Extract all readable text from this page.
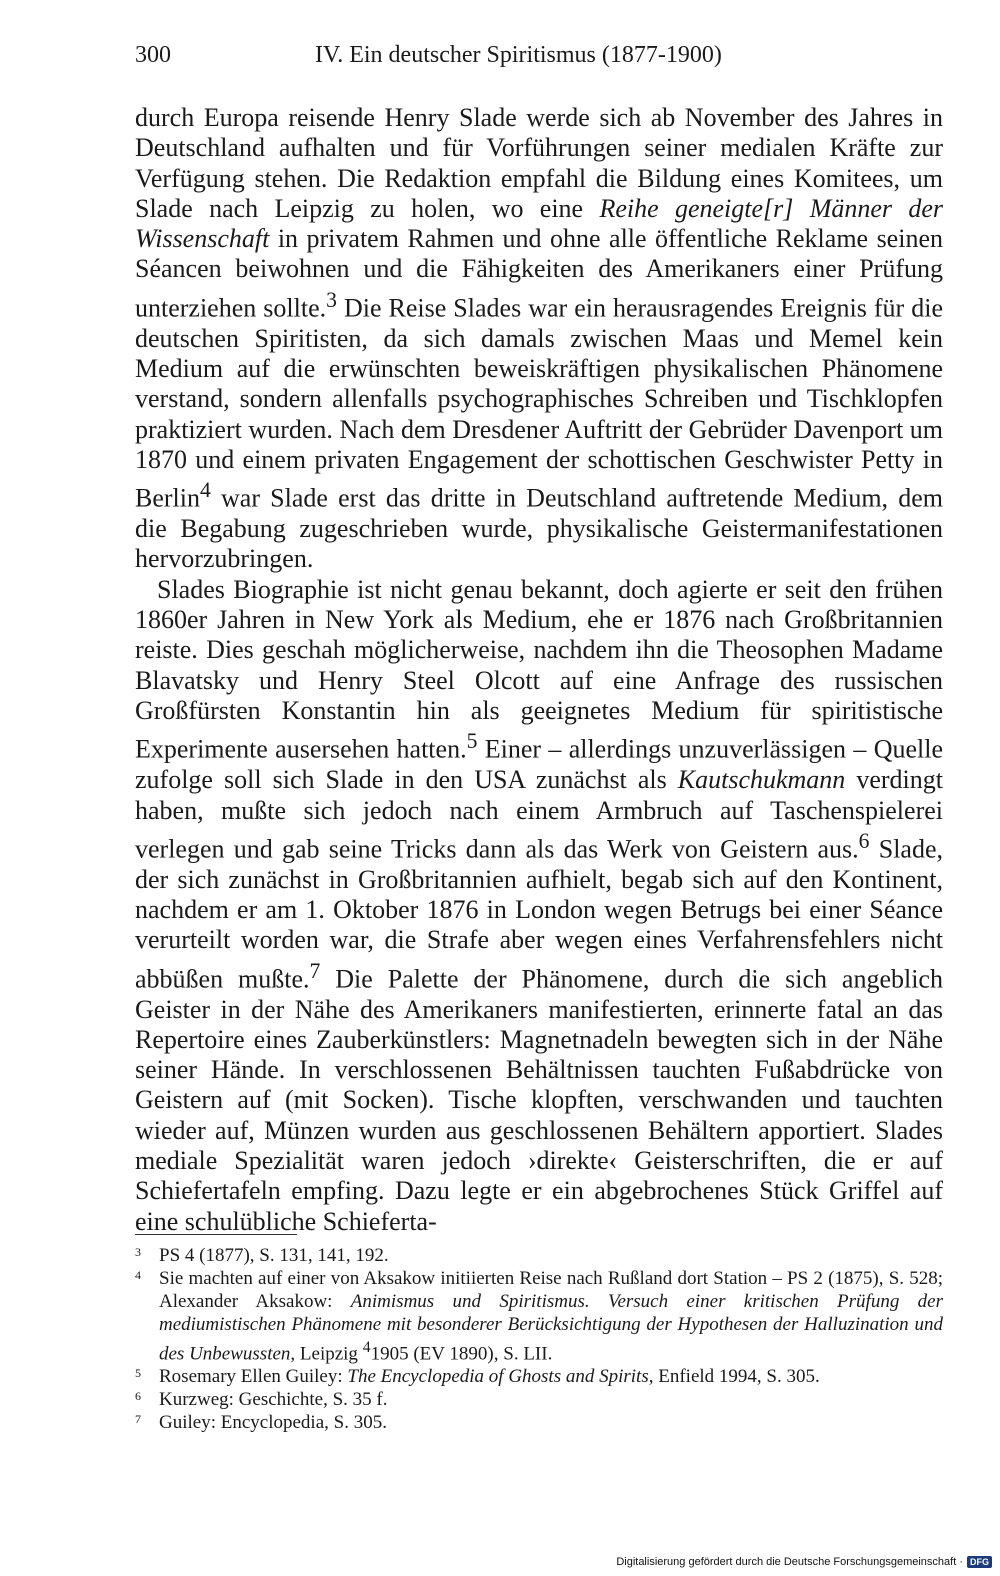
300	IV. Ein deutscher Spiritismus (1877-1900)

durch Europa reisende Henry Slade werde sich ab November des Jahres in Deutschland aufhalten und für Vorführungen seiner medialen Kräfte zur Verfügung stehen. Die Redaktion empfahl die Bildung eines Komitees, um Slade nach Leipzig zu holen, wo eine Reihe geneigte[r] Männer der Wissenschaft in privatem Rahmen und ohne alle öffentliche Reklame seinen Séancen beiwohnen und die Fähigkeiten des Amerikaners einer Prüfung unterziehen sollte.$^3$ Die Reise Slades war ein herausragendes Ereignis für die deutschen Spiritisten, da sich damals zwischen Maas und Memel kein Medium auf die erwünschten beweiskräftigen physikalischen Phänomene verstand, sondern allenfalls psychographisches Schreiben und Tischklopfen praktiziert wurden. Nach dem Dresdener Auftritt der Gebrüder Davenport um 1870 und einem privaten Engagement der schottischen Geschwister Petty in Berlin$^4$ war Slade erst das dritte in Deutschland auftretende Medium, dem die Begabung zugeschrieben wurde, physikalische Geistermanifestationen hervorzubringen.

Slades Biographie ist nicht genau bekannt, doch agierte er seit den frühen 1860er Jahren in New York als Medium, ehe er 1876 nach Großbritannien reiste. Dies geschah möglicherweise, nachdem ihn die Theosophen Madame Blavatsky und Henry Steel Olcott auf eine Anfrage des russischen Großfürsten Konstantin hin als geeignetes Medium für spiritistische Experimente ausersehen hatten.$^5$ Einer – allerdings unzuverlässigen – Quelle zufolge soll sich Slade in den USA zunächst als Kautschukmann verdingt haben, mußte sich jedoch nach einem Armbruch auf Taschenspielerei verlegen und gab seine Tricks dann als das Werk von Geistern aus.$^6$ Slade, der sich zunächst in Großbritannien aufhielt, begab sich auf den Kontinent, nachdem er am 1. Oktober 1876 in London wegen Betrugs bei einer Séance verurteilt worden war, die Strafe aber wegen eines Verfahrensfehlers nicht abbüßen mußte.$^7$ Die Palette der Phänomene, durch die sich angeblich Geister in der Nähe des Amerikaners manifestierten, erinnerte fatal an das Repertoire eines Zauberkünstlers: Magnetnadeln bewegten sich in der Nähe seiner Hände. In verschlossenen Behältnissen tauchten Fußabdrücke von Geistern auf (mit Socken). Tische klopften, verschwanden und tauchten wieder auf, Münzen wurden aus geschlossenen Behältern apportiert. Slades mediale Spezialität waren jedoch ›direkte‹ Geisterschriften, die er auf Schiefertafeln empfing. Dazu legte er ein abgebrochenes Stück Griffel auf eine schulübliche Schieferta-

3 PS 4 (1877), S. 131, 141, 192.
4 Sie machten auf einer von Aksakow initiierten Reise nach Rußland dort Station – PS 2 (1875), S. 528; Alexander Aksakow: Animismus und Spiritismus. Versuch einer kritischen Prüfung der mediumistischen Phänomene mit besonderer Berücksichtigung der Hypothesen der Halluzination und des Unbewussten, Leipzig $^4$1905 (EV 1890), S. LII.
5 Rosemary Ellen Guiley: The Encyclopedia of Ghosts and Spirits, Enfield 1994, S. 305.
6 Kurzweg: Geschichte, S. 35 f.
7 Guiley: Encyclopedia, S. 305.
Digitalisierung gefördert durch die Deutsche Forschungsgemeinschaft · DFG
